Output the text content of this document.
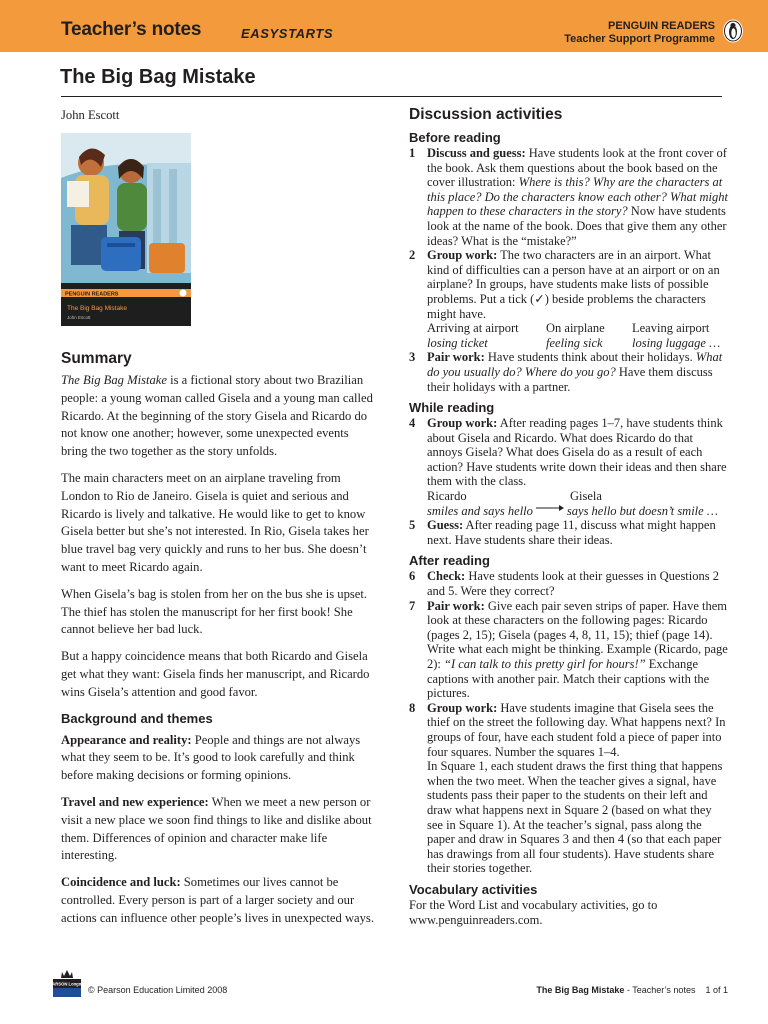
Teacher’s notes	EASYSTARTS	PENGUIN READERS
Teacher Support Programme
The Big Bag Mistake

John Escott

PENGUIN READERS
The Big Bag Mistake
John Escott
Summary

The Big Bag Mistake is a fictional story about two Brazilian people: a young woman called Gisela and a young man called Ricardo. At the beginning of the story Gisela and Ricardo do not know one another; however, some unexpected events bring the two together as the story unfolds.

The main characters meet on an airplane traveling from London to Rio de Janeiro. Gisela is quiet and serious and Ricardo is lively and talkative. He would like to get to know Gisela better but she’s not interested. In Rio, Gisela takes her blue travel bag very quickly and runs to her bus. She doesn’t want to meet Ricardo again.

When Gisela’s bag is stolen from her on the bus she is upset. The thief has stolen the manuscript for her first book! She cannot believe her bad luck.

But a happy coincidence means that both Ricardo and Gisela get what they want: Gisela finds her manuscript, and Ricardo wins Gisela’s attention and good favor.

Background and themes

Appearance and reality: People and things are not always what they seem to be. It’s good to look carefully and think before making decisions or forming opinions.

Travel and new experience: When we meet a new person or visit a new place we soon find things to like and dislike about them. Differences of opinion and character make life interesting.

Coincidence and luck: Sometimes our lives cannot be controlled. Every person is part of a larger society and our actions can influence other people’s lives in unexpected ways.

Discussion activities
Before reading

1 Discuss and guess: Have students look at the front cover of the book. Ask them questions about the book based on the cover illustration: Where is this? Why are the characters at this place? Do the characters know each other? What might happen to these characters in the story? Now have students look at the name of the book. Does that give them any other ideas? What is the “mistake?”

2 Group work: The two characters are in an airport. What kind of difficulties can a person have at an airport or on an airplane? In groups, have students make lists of possible problems. Put a tick (✓) beside problems the characters might have.

Arriving at airport	On airplane	Leaving airport
losing ticket	feeling sick	losing luggage …

3 Pair work: Have students think about their holidays. What do you usually do? Where do you go? Have them discuss their holidays with a partner.

While reading

4 Group work: After reading pages 1–7, have students think about Gisela and Ricardo. What does Ricardo do that annoys Gisela? What does Gisela do as a result of each action? Have students write down their ideas and then share them with the class.

Ricardo	Gisela
smiles and says hello	says hello but doesn’t smile …

5 Guess: After reading page 11, discuss what might happen next. Have students share their ideas.

After reading

6 Check: Have students look at their guesses in Questions 2 and 5. Were they correct?

7 Pair work: Give each pair seven strips of paper. Have them look at these characters on the following pages: Ricardo (pages 2, 15); Gisela (pages 4, 8, 11, 15); thief (page 14). Write what each might be thinking. Example (Ricardo, page 2): “I can talk to this pretty girl for hours!” Exchange captions with another pair. Match their captions with the pictures.

8 Group work: Have students imagine that Gisela sees the thief on the street the following day. What happens next? In groups of four, have each student fold a piece of paper into four squares. Number the squares 1–4.

In Square 1, each student draws the first thing that happens when the two meet. When the teacher gives a signal, have students pass their paper to the students on their left and draw what happens next in Square 2 (based on what they see in Square 1). At the teacher’s signal, pass along the paper and draw in Squares 3 and then 4 (so that each paper has drawings from all four students). Have students share their stories together.

Vocabulary activities

For the Word List and vocabulary activities, go to www.penguinreaders.com.

PEARSON Longman
© Pearson Education Limited 2008	The Big Bag Mistake - Teacher’s notes 1 of 1
